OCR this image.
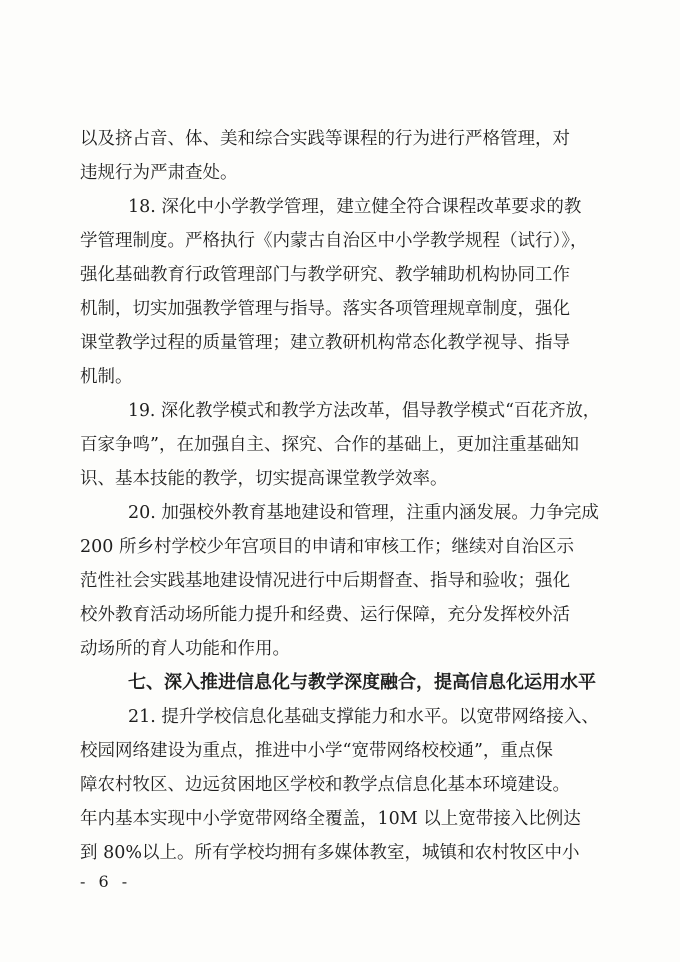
以及挤占音、体、美和综合实践等课程的行为进行严格管理，对
违规行为严肃查处。
18. 深化中小学教学管理，建立健全符合课程改革要求的教
学管理制度。严格执行《内蒙古自治区中小学教学规程（试行）》，
强化基础教育行政管理部门与教学研究、教学辅助机构协同工作
机制，切实加强教学管理与指导。落实各项管理规章制度，强化
课堂教学过程的质量管理；建立教研机构常态化教学视导、指导
机制。
19. 深化教学模式和教学方法改革，倡导教学模式“百花齐放，
百家争鸣”，在加强自主、探究、合作的基础上，更加注重基础知
识、基本技能的教学，切实提高课堂教学效率。
20. 加强校外教育基地建设和管理，注重内涵发展。力争完成
200 所乡村学校少年宫项目的申请和审核工作；继续对自治区示
范性社会实践基地建设情况进行中后期督查、指导和验收；强化
校外教育活动场所能力提升和经费、运行保障，充分发挥校外活
动场所的育人功能和作用。
七、深入推进信息化与教学深度融合，提高信息化运用水平
21. 提升学校信息化基础支撑能力和水平。以宽带网络接入、
校园网络建设为重点，推进中小学“宽带网络校校通”，重点保
障农村牧区、边远贫困地区学校和教学点信息化基本环境建设。
年内基本实现中小学宽带网络全覆盖，10M 以上宽带接入比例达
到 80%以上。所有学校均拥有多媒体教室，城镇和农村牧区中小
- 6 -
